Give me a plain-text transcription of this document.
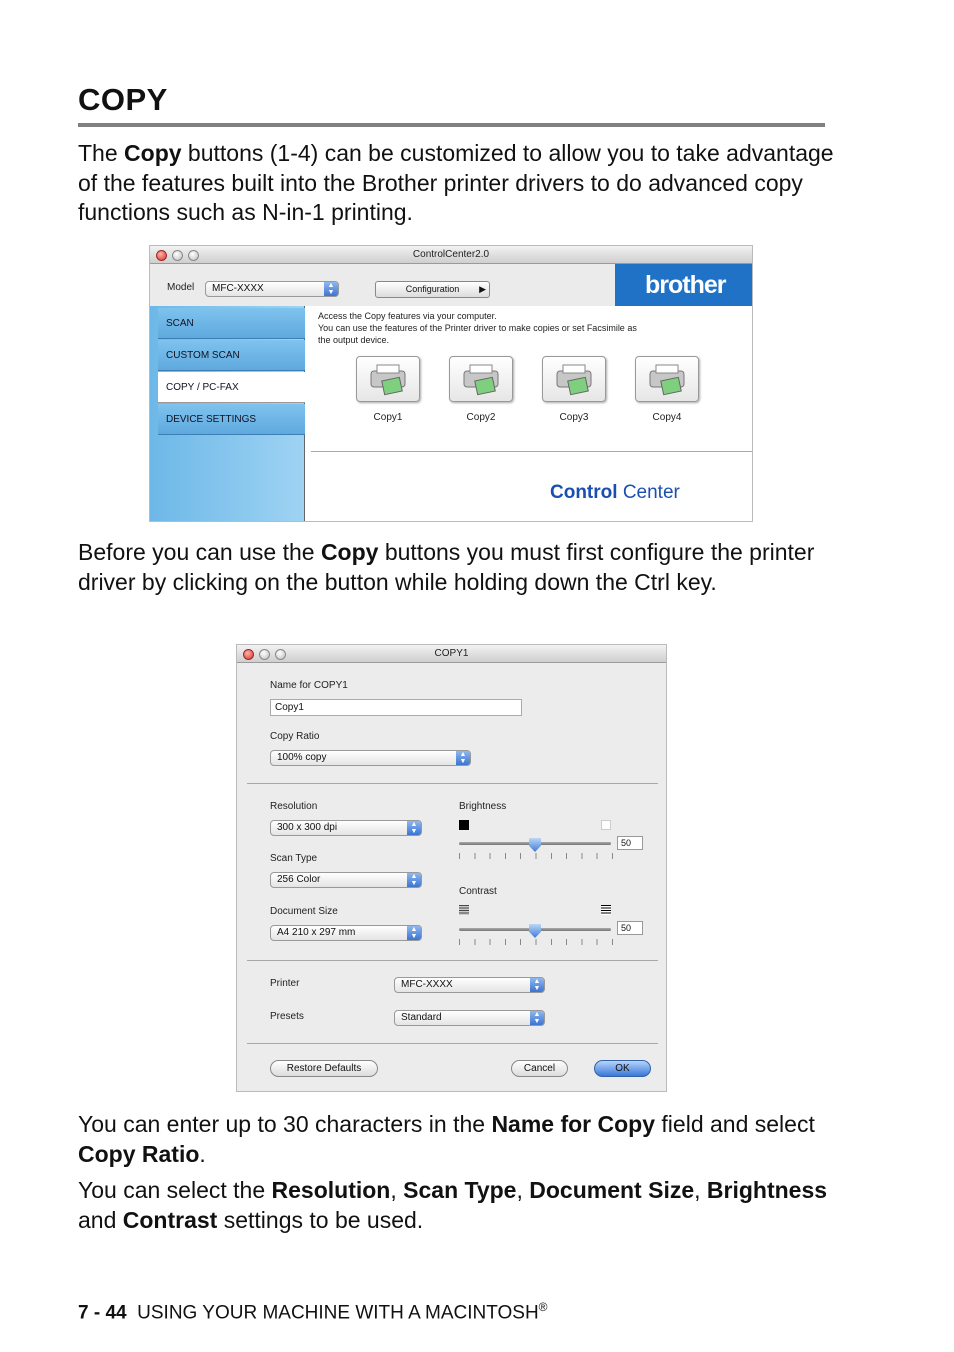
COPY

The Copy buttons (1-4) can be customized to allow you to take advantage of the features built into the Brother printer drivers to do advanced copy functions such as N-in-1 printing.

ControlCenter2.0
Model	MFC-XXXX	▲
▼	Configuration ▶	brother
SCAN
CUSTOM SCAN
COPY / PC-FAX
DEVICE SETTINGS
Access the Copy features via your computer.
You can use the features of the Printer driver to make copies or set Facsimile as
the output device.
Copy1	Copy2	Copy3	Copy4
Control Center

Before you can use the Copy buttons you must first configure the printer driver by clicking on the button while holding down the Ctrl key.

COPY1
Name for COPY1
Copy1
Copy Ratio
100% copy	▲
▼
Resolution
300 x 300 dpi	▲
▼
Scan Type
256 Color	▲
▼
Document Size
A4 210 x 297 mm	▲
▼
Brightness
50
Contrast
50
Printer	MFC-XXXX	▲
▼
Presets	Standard	▲
▼
Restore Defaults	Cancel	OK

You can enter up to 30 characters in the Name for Copy field and select Copy Ratio.

You can select the Resolution, Scan Type, Document Size, Brightness and Contrast settings to be used.

7 - 44 USING YOUR MACHINE WITH A MACINTOSH®
